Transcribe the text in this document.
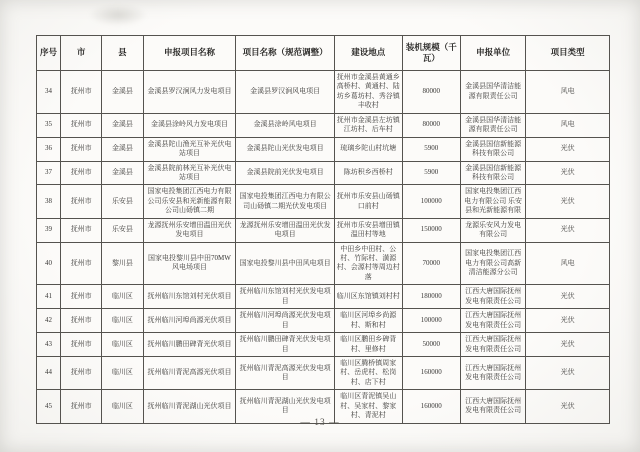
序号	市	县	申报项目名称	项目名称（规范调整）	建设地点	装机规模（千瓦）	申报单位	项目类型
34	抚州市	金溪县	金溪县罗汉涧风力发电项目	金溪县罗汉涧风电项目	抚州市金溪县黄通乡高桥村、黄通村、陆坊乡葛坊村、秀谷镇丰收村	80000	金溪县国华清洁能源有限责任公司	风电
35	抚州市	金溪县	金溪县涂岭风力发电项目	金溪县涂岭风电项目	抚州市金溪县左坊镇江坊村、后车村	80000	金溪县国华清洁能源有限责任公司	风电
36	抚州市	金溪县	金溪县陀山渔光互补光伏电站项目	金溪县陀山光伏发电项目	琉璃乡陀山村坑塘	5900	金溪县国信新能源科技有限公司	光伏
37	抚州市	金溪县	金溪县院前林光互补光伏电站项目	金溪县院前光伏发电项目	陈坊积乡西桥村	5900	金溪县国信新能源科技有限公司	光伏
38	抚州市	乐安县	国家电投集团江西电力有限公司乐安县和光新能源有限公司山砀镇二期	国家电投集团江西电力有限公司山砀镇二期光伏发电项目	抚州市乐安县山砀镇口前村	100000	国家电投集团江西电力有限公司 乐安县和光新能源有限	光伏
39	抚州市	乐安县	龙源抚州乐安增田温田光伏发电项目	龙源抚州乐安增田温田光伏发电项目	抚州市乐安县增田镇温田村等地	150000	龙源乐安风力发电有限公司	光伏
40	抚州市	黎川县	国家电投黎川县中田70MW风电场项目	国家电投黎川县中田风电项目	中田乡中田村、公村、竹际村、潢源村、会源村等周边村落	70000	国家电投集团江西电力有限公司高新清洁能源分公司	风电
41	抚州市	临川区	抚州临川东馆刘村光伏项目	抚州临川东馆刘村光伏发电项目	临川区东馆镇刘村村	180000	江西大唐国际抚州发电有限责任公司	光伏
42	抚州市	临川区	抚州临川河埠尚源光伏项目	抚州临川河埠尚源光伏发电项目	临川区河埠乡尚源村、斯和村	100000	江西大唐国际抚州发电有限责任公司	光伏
43	抚州市	临川区	抚州临川鹏田碑背光伏项目	抚州临川鹏田碑背光伏发电项目	临川区鹏田乡碑背村、里修村	50000	江西大唐国际抚州发电有限责任公司	光伏
44	抚州市	临川区	抚州临川青泥高源光伏项目	抚州临川青泥高源光伏发电项目	临川区腾桥镇周家村、岳虎村、松岗村、店下村	160000	江西大唐国际抚州发电有限责任公司	光伏
45	抚州市	临川区	抚州临川青泥湖山光伏项目	抚州临川青泥湖山光伏发电项目	临川区青泥镇吴山村、吴家村、黎家村、青泥村	160000	江西大唐国际抚州发电有限责任公司	光伏
— 13 —
